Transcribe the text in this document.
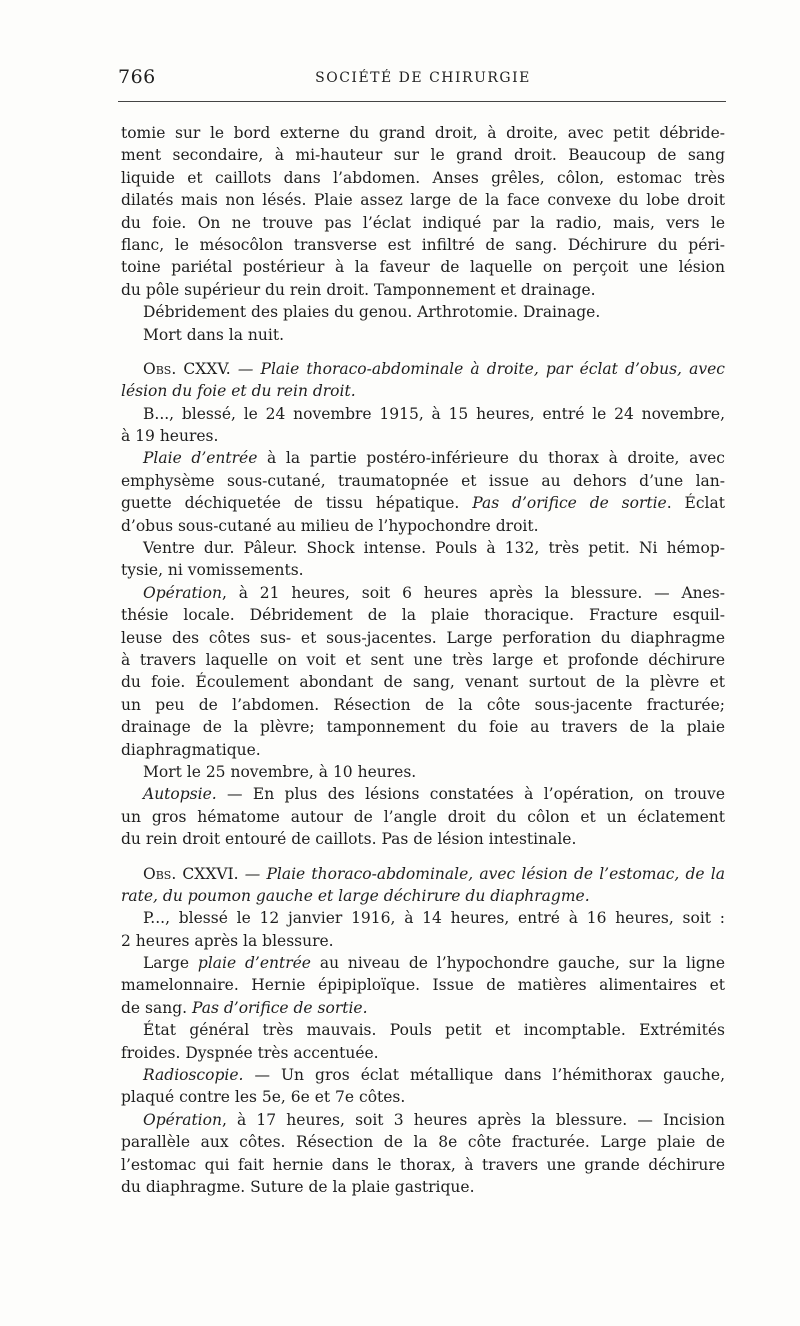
766	SOCIÉTÉ DE CHIRURGIE
tomie sur le bord externe du grand droit, à droite, avec petit débride-
ment secondaire, à mi-hauteur sur le grand droit. Beaucoup de sang
liquide et caillots dans l’abdomen. Anses grêles, côlon, estomac très
dilatés mais non lésés. Plaie assez large de la face convexe du lobe droit
du foie. On ne trouve pas l’éclat indiqué par la radio, mais, vers le
flanc, le mésocôlon transverse est infiltré de sang. Déchirure du péri-
toine pariétal postérieur à la faveur de laquelle on perçoit une lésion
du pôle supérieur du rein droit. Tamponnement et drainage.
Débridement des plaies du genou. Arthrotomie. Drainage.
Mort dans la nuit.
Obs. CXXV. — Plaie thoraco-abdominale à droite, par éclat d’obus, avec
lésion du foie et du rein droit.
B..., blessé, le 24 novembre 1915, à 15 heures, entré le 24 novembre,
à 19 heures.
Plaie d’entrée à la partie postéro-inférieure du thorax à droite, avec
emphysème sous-cutané, traumatopnée et issue au dehors d’une lan-
guette déchiquetée de tissu hépatique. Pas d’orifice de sortie. Éclat
d’obus sous-cutané au milieu de l’hypochondre droit.
Ventre dur. Pâleur. Shock intense. Pouls à 132, très petit. Ni hémop-
tysie, ni vomissements.
Opération, à 21 heures, soit 6 heures après la blessure. — Anes-
thésie locale. Débridement de la plaie thoracique. Fracture esquil-
leuse des côtes sus- et sous-jacentes. Large perforation du diaphragme
à travers laquelle on voit et sent une très large et profonde déchirure
du foie. Écoulement abondant de sang, venant surtout de la plèvre et
un peu de l’abdomen. Résection de la côte sous-jacente fracturée;
drainage de la plèvre; tamponnement du foie au travers de la plaie
diaphragmatique.
Mort le 25 novembre, à 10 heures.
Autopsie. — En plus des lésions constatées à l’opération, on trouve
un gros hématome autour de l’angle droit du côlon et un éclatement
du rein droit entouré de caillots. Pas de lésion intestinale.
Obs. CXXVI. — Plaie thoraco-abdominale, avec lésion de l’estomac, de la
rate, du poumon gauche et large déchirure du diaphragme.
P..., blessé le 12 janvier 1916, à 14 heures, entré à 16 heures, soit :
2 heures après la blessure.
Large plaie d’entrée au niveau de l’hypochondre gauche, sur la ligne
mamelonnaire. Hernie épipiploïque. Issue de matières alimentaires et
de sang. Pas d’orifice de sortie.
État général très mauvais. Pouls petit et incomptable. Extrémités
froides. Dyspnée très accentuée.
Radioscopie. — Un gros éclat métallique dans l’hémithorax gauche,
plaqué contre les 5e, 6e et 7e côtes.
Opération, à 17 heures, soit 3 heures après la blessure. — Incision
parallèle aux côtes. Résection de la 8e côte fracturée. Large plaie de
l’estomac qui fait hernie dans le thorax, à travers une grande déchirure
du diaphragme. Suture de la plaie gastrique.
